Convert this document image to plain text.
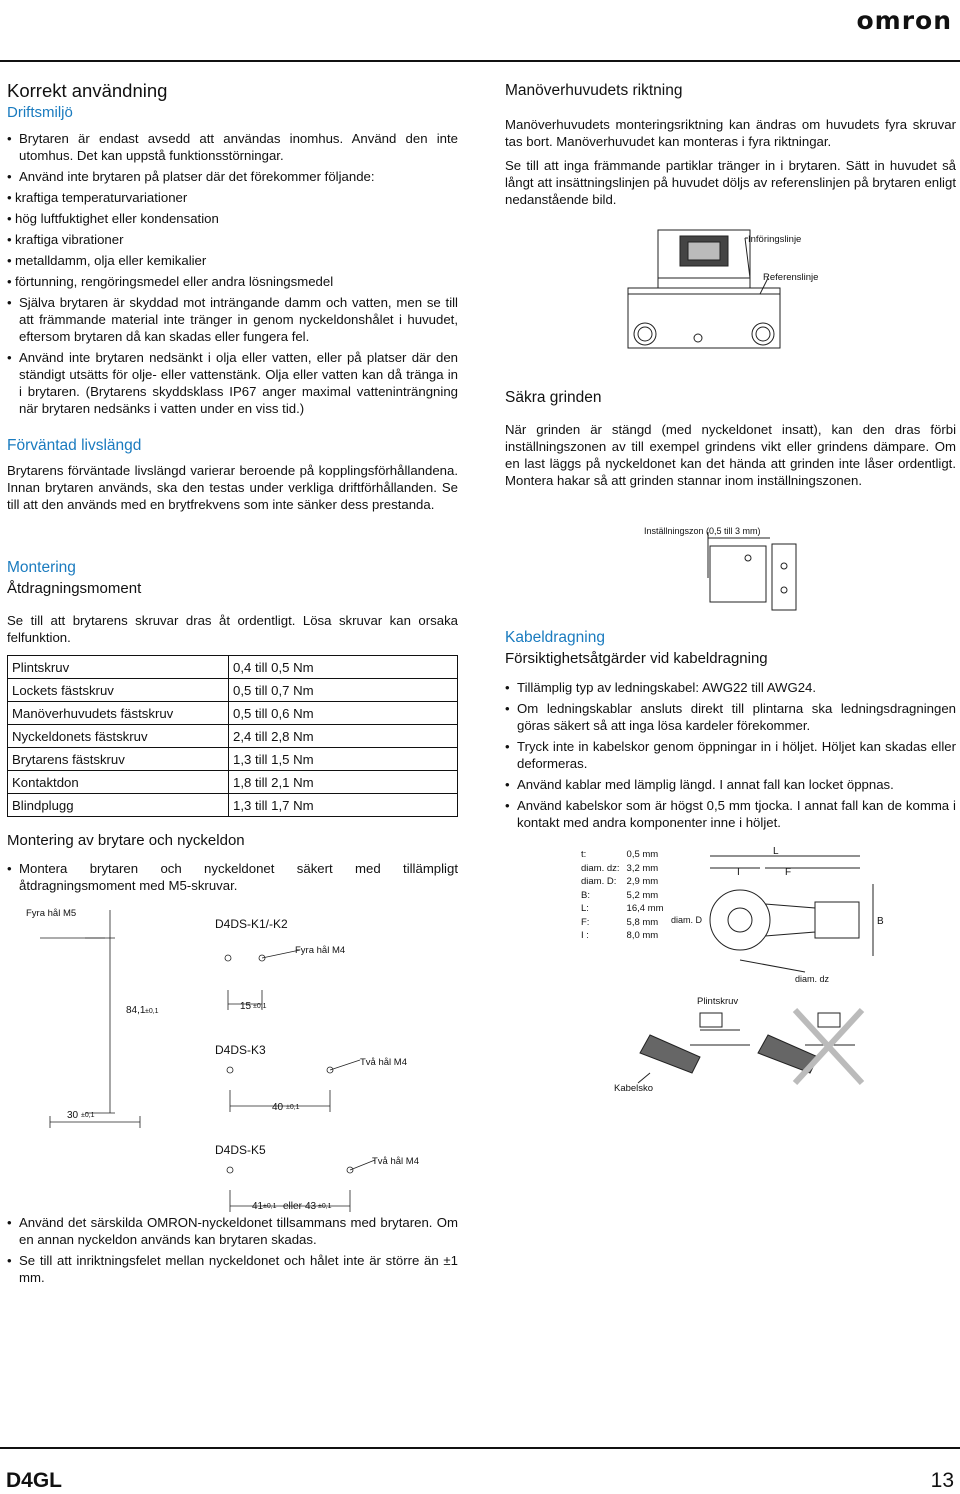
omron
Korrekt användning
Driftsmiljö
• Brytaren är endast avsedd att användas inomhus. Använd den inte utomhus. Det kan uppstå funktionsstörningar.
• Använd inte brytaren på platser där det förekommer följande:
• kraftiga temperaturvariationer
• hög luftfuktighet eller kondensation
• kraftiga vibrationer
• metalldamm, olja eller kemikalier
• förtunning, rengöringsmedel eller andra lösningsmedel
• Själva brytaren är skyddad mot inträngande damm och vatten, men se till att främmande material inte tränger in genom nyckeldonshålet i huvudet, eftersom brytaren då kan skadas eller fungera fel.
• Använd inte brytaren nedsänkt i olja eller vatten, eller på platser där den ständigt utsätts för olje- eller vattenstänk. Olja eller vatten kan då tränga in i brytaren. (Brytarens skyddsklass IP67 anger maximal vatteninträngning när brytaren nedsänks i vatten under en viss tid.)
Förväntad livslängd
Brytarens förväntade livslängd varierar beroende på kopplingsförhållandena. Innan brytaren används, ska den testas under verkliga driftförhållanden. Se till att den används med en brytfrekvens som inte sänker dess prestanda.
Montering
Åtdragningsmoment
Se till att brytarens skruvar dras åt ordentligt. Lösa skruvar kan orsaka felfunktion.
Plintskruv	0,4 till 0,5 Nm
Lockets fästskruv	0,5 till 0,7 Nm
Manöverhuvudets fästskruv	0,5 till 0,6 Nm
Nyckeldonets fästskruv	2,4 till 2,8 Nm
Brytarens fästskruv	1,3 till 1,5 Nm
Kontaktdon	1,8 till 2,1 Nm
Blindplugg	1,3 till 1,7 Nm
Montering av brytare och nyckeldon
• Montera brytaren och nyckeldonet säkert med tillämpligt åtdragningsmoment med M5-skruvar.
Fyra hål M5
D4DS-K1/-K2
Fyra hål M4
84,1 ±0,1	15 ±0,1
D4DS-K3
Två hål M4
30 ±0,1
40 ±0,1
D4DS-K5
Två hål M4
41 ±0,1 eller 43 ±0,1
• Använd det särskilda OMRON-nyckeldonet tillsammans med brytaren. Om en annan nyckeldon används kan brytaren skadas.
• Se till att inriktningsfelet mellan nyckeldonet och hålet inte är större än ±1 mm.
Manöverhuvudets riktning
Manöverhuvudets monteringsriktning kan ändras om huvudets fyra skruvar tas bort. Manöverhuvudet kan monteras i fyra riktningar.
Se till att inga främmande partiklar tränger in i brytaren. Sätt in huvudet så långt att insättningslinjen på huvudet döljs av referenslinjen på brytaren enligt nedanstående bild.
Införingslinje
Referenslinje
Säkra grinden
När grinden är stängd (med nyckeldonet insatt), kan den dras förbi inställningszonen av till exempel grindens vikt eller grindens dämpare. Om en last läggs på nyckeldonet kan det hända att grinden inte låser ordentligt. Montera hakar så att grinden stannar inom inställningszonen.
Inställningszon (0,5 till 3 mm)
Kabeldragning
Försiktighetsåtgärder vid kabeldragning
• Tillämplig typ av ledningskabel: AWG22 till AWG24.
• Om ledningskablar ansluts direkt till plintarna ska ledningsdragningen göras säkert så att inga lösa kardeler förekommer.
• Tryck inte in kabelskor genom öppningar in i höljet. Höljet kan skadas eller deformeras.
• Använd kablar med lämplig längd. I annat fall kan locket öppnas.
• Använd kabelskor som är högst 0,5 mm tjocka. I annat fall kan de komma i kontakt med andra komponenter inne i höljet.
t:	0,5 mm
diam. dz:	3,2 mm
diam. D:	2,9 mm
B:	5,2 mm
L:	16,4 mm
F:	5,8 mm
I :	8,0 mm
L
I	F
B
diam. D
diam. dz
Plintskruv
Kabelsko
D4GL	13
